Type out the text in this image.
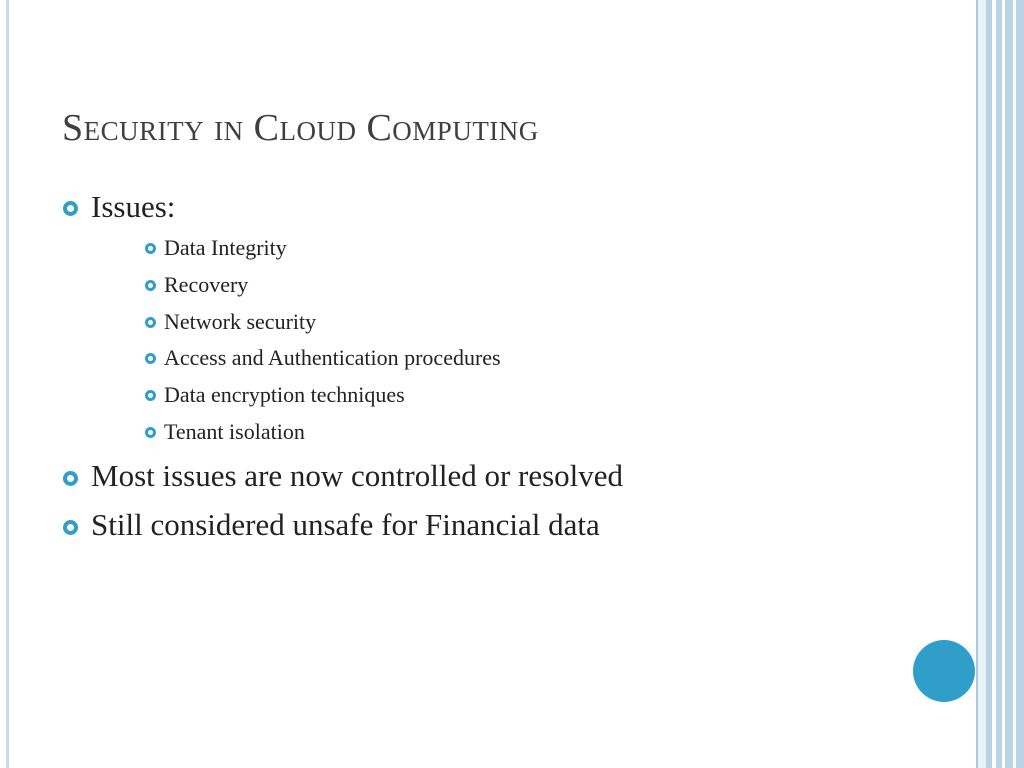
Security in Cloud Computing
Issues:
Data Integrity
Recovery
Network security
Access and Authentication procedures
Data encryption techniques
Tenant isolation
Most issues are now controlled or resolved
Still considered unsafe for Financial data
